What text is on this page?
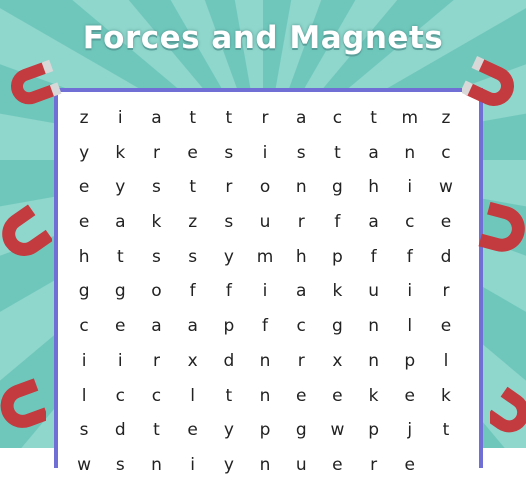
Forces and Magnets
z	i	a	t	t	r	a	c	t	m	z
y	k	r	e	s	i	s	t	a	n	c
e	y	s	t	r	o	n	g	h	i	w
e	a	k	z	s	u	r	f	a	c	e
h	t	s	s	y	m	h	p	f	f	d
g	g	o	f	f	i	a	k	u	i	r
c	e	a	a	p	f	c	g	n	l	e
i	i	r	x	d	n	r	x	n	p	l
l	c	c	l	t	n	e	e	k	e	k
s	d	t	e	y	p	g	w	p	j	t
w	s	n	i	y	n	u	e	r	e
